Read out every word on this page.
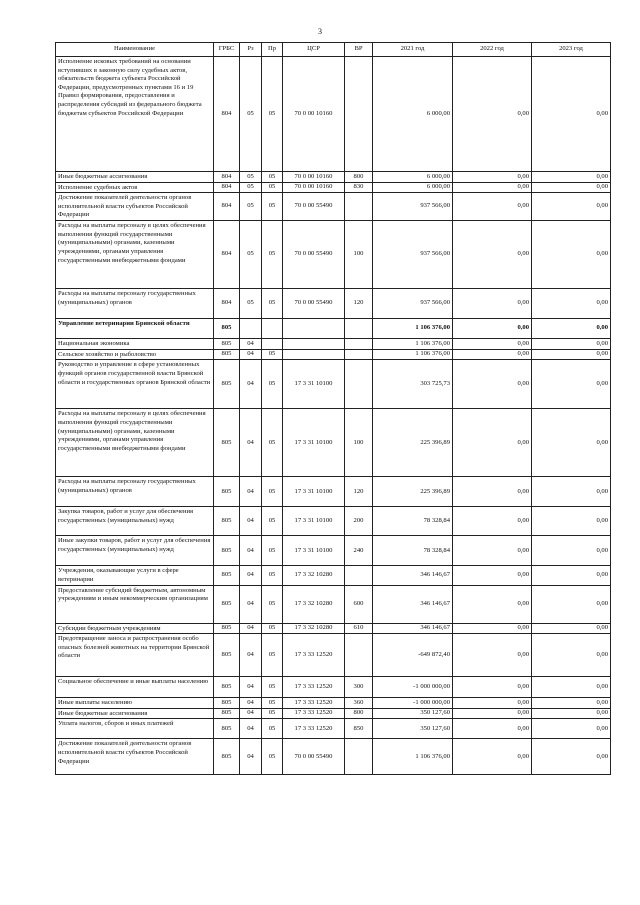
3
Наименование	ГРБС	Рз	Пр	ЦСР	ВР	2021 год	2022 год	2023 год
Исполнение исковых требований на основании вступивших в законную силу судебных актов, обязательств бюджета субъекта Российской Федерации, предусмотренных пунктами 16 и 19 Правил формирования, предоставления и распределения субсидий из федерального бюджета бюджетам субъектов Российской Федерации	804	05	05	70 0 00 10160		6 000,00	0,00	0,00
Иные бюджетные ассигнования	804	05	05	70 0 00 10160	800	6 000,00	0,00	0,00
Исполнение судебных актов	804	05	05	70 0 00 10160	830	6 000,00	0,00	0,00
Достижение показателей деятельности органов исполнительной власти субъектов Российской Федерации	804	05	05	70 0 00 55490		937 566,00	0,00	0,00
Расходы на выплаты персоналу в целях обеспечения выполнения функций государственными (муниципальными) органами, казенными учреждениями, органами управления государственными внебюджетными фондами	804	05	05	70 0 00 55490	100	937 566,00	0,00	0,00
Расходы на выплаты персоналу государственных (муниципальных) органов	804	05	05	70 0 00 55490	120	937 566,00	0,00	0,00
Управление ветеринарии Брянской области	805					1 106 376,00	0,00	0,00
Национальная экономика	805	04				1 106 376,00	0,00	0,00
Сельское хозяйство и рыболовство	805	04	05			1 106 376,00	0,00	0,00
Руководство и управление в сфере установленных функций органов государственной власти Брянской области и государственных органов Брянской области	805	04	05	17 3 31 10100		303 725,73	0,00	0,00
Расходы на выплаты персоналу в целях обеспечения выполнения функций государственными (муниципальными) органами, казенными учреждениями, органами управления государственными внебюджетными фондами	805	04	05	17 3 31 10100	100	225 396,89	0,00	0,00
Расходы на выплаты персоналу государственных (муниципальных) органов	805	04	05	17 3 31 10100	120	225 396,89	0,00	0,00
Закупка товаров, работ и услуг для обеспечения государственных (муниципальных) нужд	805	04	05	17 3 31 10100	200	78 328,84	0,00	0,00
Иные закупки товаров, работ и услуг для обеспечения государственных (муниципальных) нужд	805	04	05	17 3 31 10100	240	78 328,84	0,00	0,00
Учреждения, оказывающие услуги в сфере ветеринарии	805	04	05	17 3 32 10280		346 146,67	0,00	0,00
Предоставление субсидий бюджетным, автономным учреждениям и иным некоммерческим организациям	805	04	05	17 3 32 10280	600	346 146,67	0,00	0,00
Субсидии бюджетным учреждениям	805	04	05	17 3 32 10280	610	346 146,67	0,00	0,00
Предотвращение заноса и распространения особо опасных болезней животных на территории Брянской области	805	04	05	17 3 33 12520		-649 872,40	0,00	0,00
Социальное обеспечение и иные выплаты населению	805	04	05	17 3 33 12520	300	-1 000 000,00	0,00	0,00
Иные выплаты населению	805	04	05	17 3 33 12520	360	-1 000 000,00	0,00	0,00
Иные бюджетные ассигнования	805	04	05	17 3 33 12520	800	350 127,60	0,00	0,00
Уплата налогов, сборов и иных платежей	805	04	05	17 3 33 12520	850	350 127,60	0,00	0,00
Достижение показателей деятельности органов исполнительной власти субъектов Российской Федерации	805	04	05	70 0 00 55490		1 106 376,00	0,00	0,00
